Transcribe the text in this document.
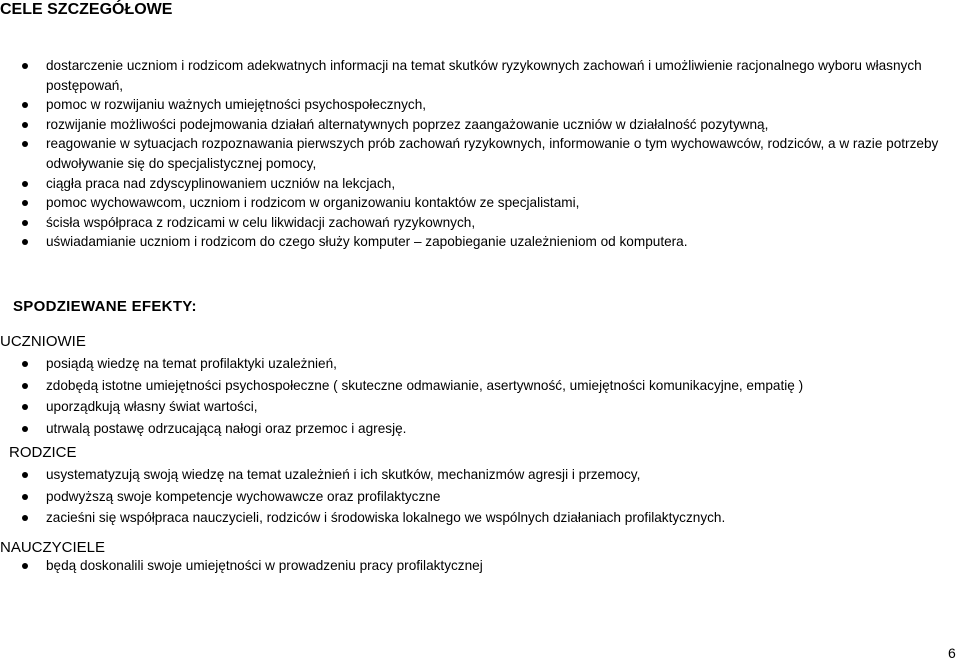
CELE SZCZEGÓŁOWE
dostarczenie uczniom i rodzicom adekwatnych informacji na temat skutków ryzykownych zachowań i umożliwienie racjonalnego wyboru własnych postępowań,
pomoc w rozwijaniu ważnych umiejętności psychospołecznych,
rozwijanie możliwości podejmowania działań alternatywnych poprzez zaangażowanie uczniów w działalność pozytywną,
reagowanie w sytuacjach rozpoznawania pierwszych prób zachowań ryzykownych, informowanie o tym wychowawców, rodziców, a w razie potrzeby odwoływanie się do specjalistycznej pomocy,
ciągła praca nad zdyscyplinowaniem uczniów na lekcjach,
pomoc wychowawcom, uczniom i rodzicom w organizowaniu kontaktów ze specjalistami,
ścisła współpraca z rodzicami w celu likwidacji zachowań ryzykownych,
uświadamianie uczniom i rodzicom do czego służy komputer – zapobieganie uzależnieniom od komputera.
SPODZIEWANE EFEKTY:
UCZNIOWIE
posiądą wiedzę na temat profilaktyki uzależnień,
zdobędą istotne umiejętności psychospołeczne ( skuteczne odmawianie, asertywność, umiejętności komunikacyjne, empatię )
uporządkują własny świat wartości,
utrwalą postawę odrzucającą nałogi oraz przemoc i agresję.
RODZICE
usystematyzują swoją wiedzę na temat uzależnień i ich skutków, mechanizmów agresji i przemocy,
podwyższą swoje kompetencje wychowawcze oraz profilaktyczne
zacieśni się współpraca nauczycieli, rodziców i środowiska lokalnego we wspólnych działaniach profilaktycznych.
NAUCZYCIELE
będą doskonalili swoje umiejętności w prowadzeniu pracy profilaktycznej
6
